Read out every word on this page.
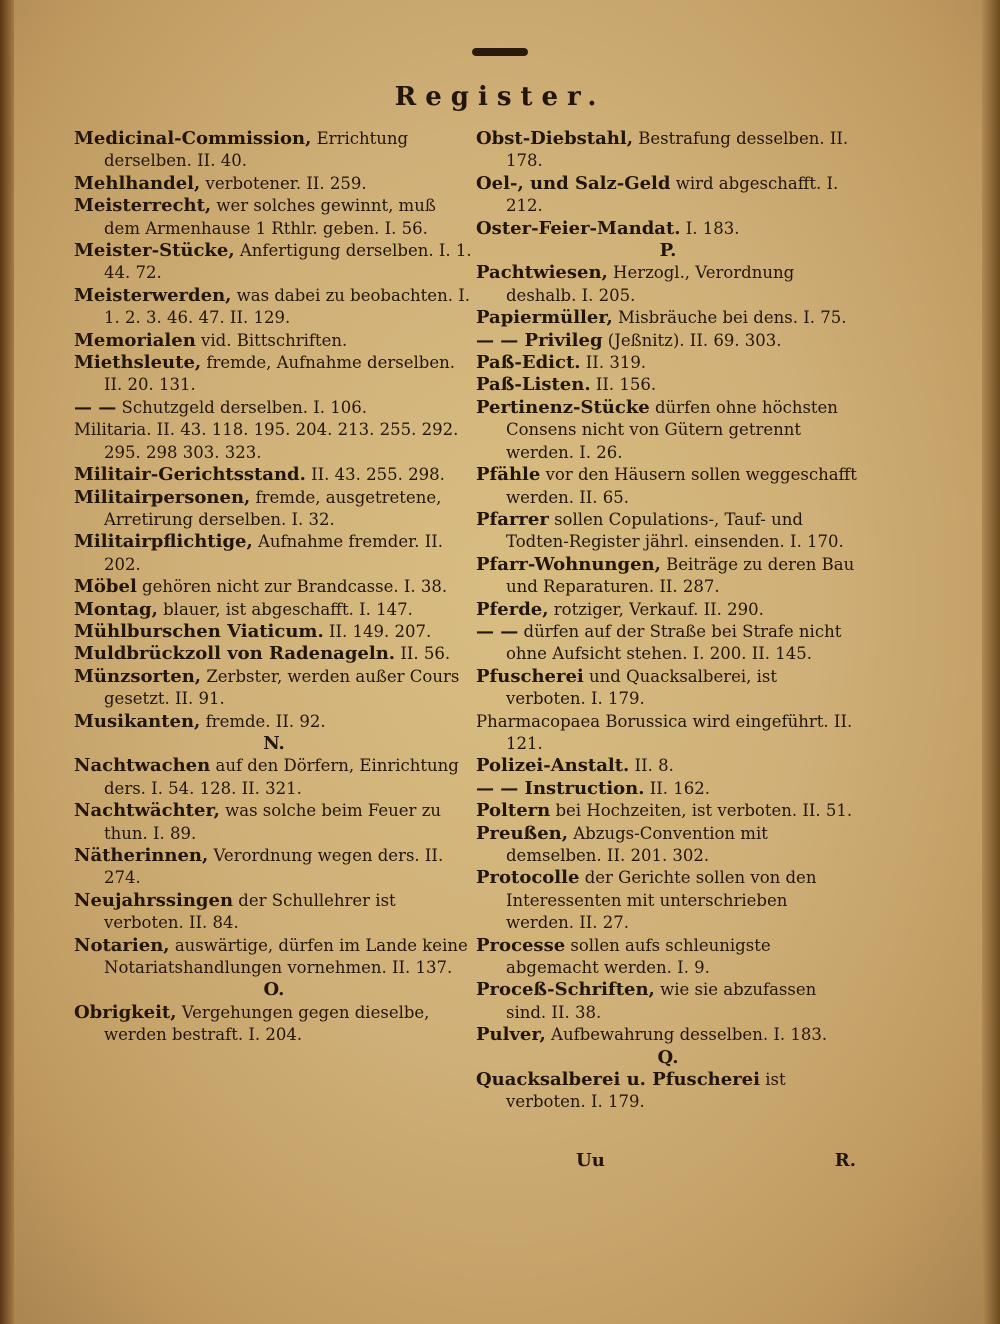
Register.

Medicinal-Commission, Errichtung derselben. II. 40.

Mehlhandel, verbotener. II. 259.

Meisterrecht, wer solches gewinnt, muß dem Armenhause 1 Rthlr. geben. I. 56.

Meister-Stücke, Anfertigung derselben. I. 1. 44. 72.

Meisterwerden, was dabei zu beobachten. I. 1. 2. 3. 46. 47. II. 129.

Memorialen vid. Bittschriften.

Miethsleute, fremde, Aufnahme derselben. II. 20. 131.

— — Schutzgeld derselben. I. 106.

Militaria. II. 43. 118. 195. 204. 213. 255. 292. 295. 298 303. 323.

Militair-Gerichtsstand. II. 43. 255. 298.

Militairpersonen, fremde, ausgetretene, Arretirung derselben. I. 32.

Militairpflichtige, Aufnahme fremder. II. 202.

Möbel gehören nicht zur Brandcasse. I. 38.

Montag, blauer, ist abgeschafft. I. 147.

Mühlburschen Viaticum. II. 149. 207.

Muldbrückzoll von Radenageln. II. 56.

Münzsorten, Zerbster, werden außer Cours gesetzt. II. 91.

Musikanten, fremde. II. 92.

N.

Nachtwachen auf den Dörfern, Einrichtung ders. I. 54. 128. II. 321.

Nachtwächter, was solche beim Feuer zu thun. I. 89.

Nätherinnen, Verordnung wegen ders. II. 274.

Neujahrssingen der Schullehrer ist verboten. II. 84.

Notarien, auswärtige, dürfen im Lande keine Notariatshandlungen vornehmen. II. 137.

O.

Obrigkeit, Vergehungen gegen dieselbe, werden bestraft. I. 204.

Obst-Diebstahl, Bestrafung desselben. II. 178.

Oel-, und Salz-Geld wird abgeschafft. I. 212.

Oster-Feier-Mandat. I. 183.

P.

Pachtwiesen, Herzogl., Verordnung deshalb. I. 205.

Papiermüller, Misbräuche bei dens. I. 75.

— — Privileg (Jeßnitz). II. 69. 303.

Paß-Edict. II. 319.

Paß-Listen. II. 156.

Pertinenz-Stücke dürfen ohne höchsten Consens nicht von Gütern getrennt werden. I. 26.

Pfähle vor den Häusern sollen weggeschafft werden. II. 65.

Pfarrer sollen Copulations-, Tauf- und Todten-Register jährl. einsenden. I. 170.

Pfarr-Wohnungen, Beiträge zu deren Bau und Reparaturen. II. 287.

Pferde, rotziger, Verkauf. II. 290.

— — dürfen auf der Straße bei Strafe nicht ohne Aufsicht stehen. I. 200. II. 145.

Pfuscherei und Quacksalberei, ist verboten. I. 179.

Pharmacopaea Borussica wird eingeführt. II. 121.

Polizei-Anstalt. II. 8.

— — Instruction. II. 162.

Poltern bei Hochzeiten, ist verboten. II. 51.

Preußen, Abzugs-Convention mit demselben. II. 201. 302.

Protocolle der Gerichte sollen von den Interessenten mit unterschrieben werden. II. 27.

Processe sollen aufs schleunigste abgemacht werden. I. 9.

Proceß-Schriften, wie sie abzufassen sind. II. 38.

Pulver, Aufbewahrung desselben. I. 183.

Q.

Quacksalberei u. Pfuscherei ist verboten. I. 179.

Uu	R.
